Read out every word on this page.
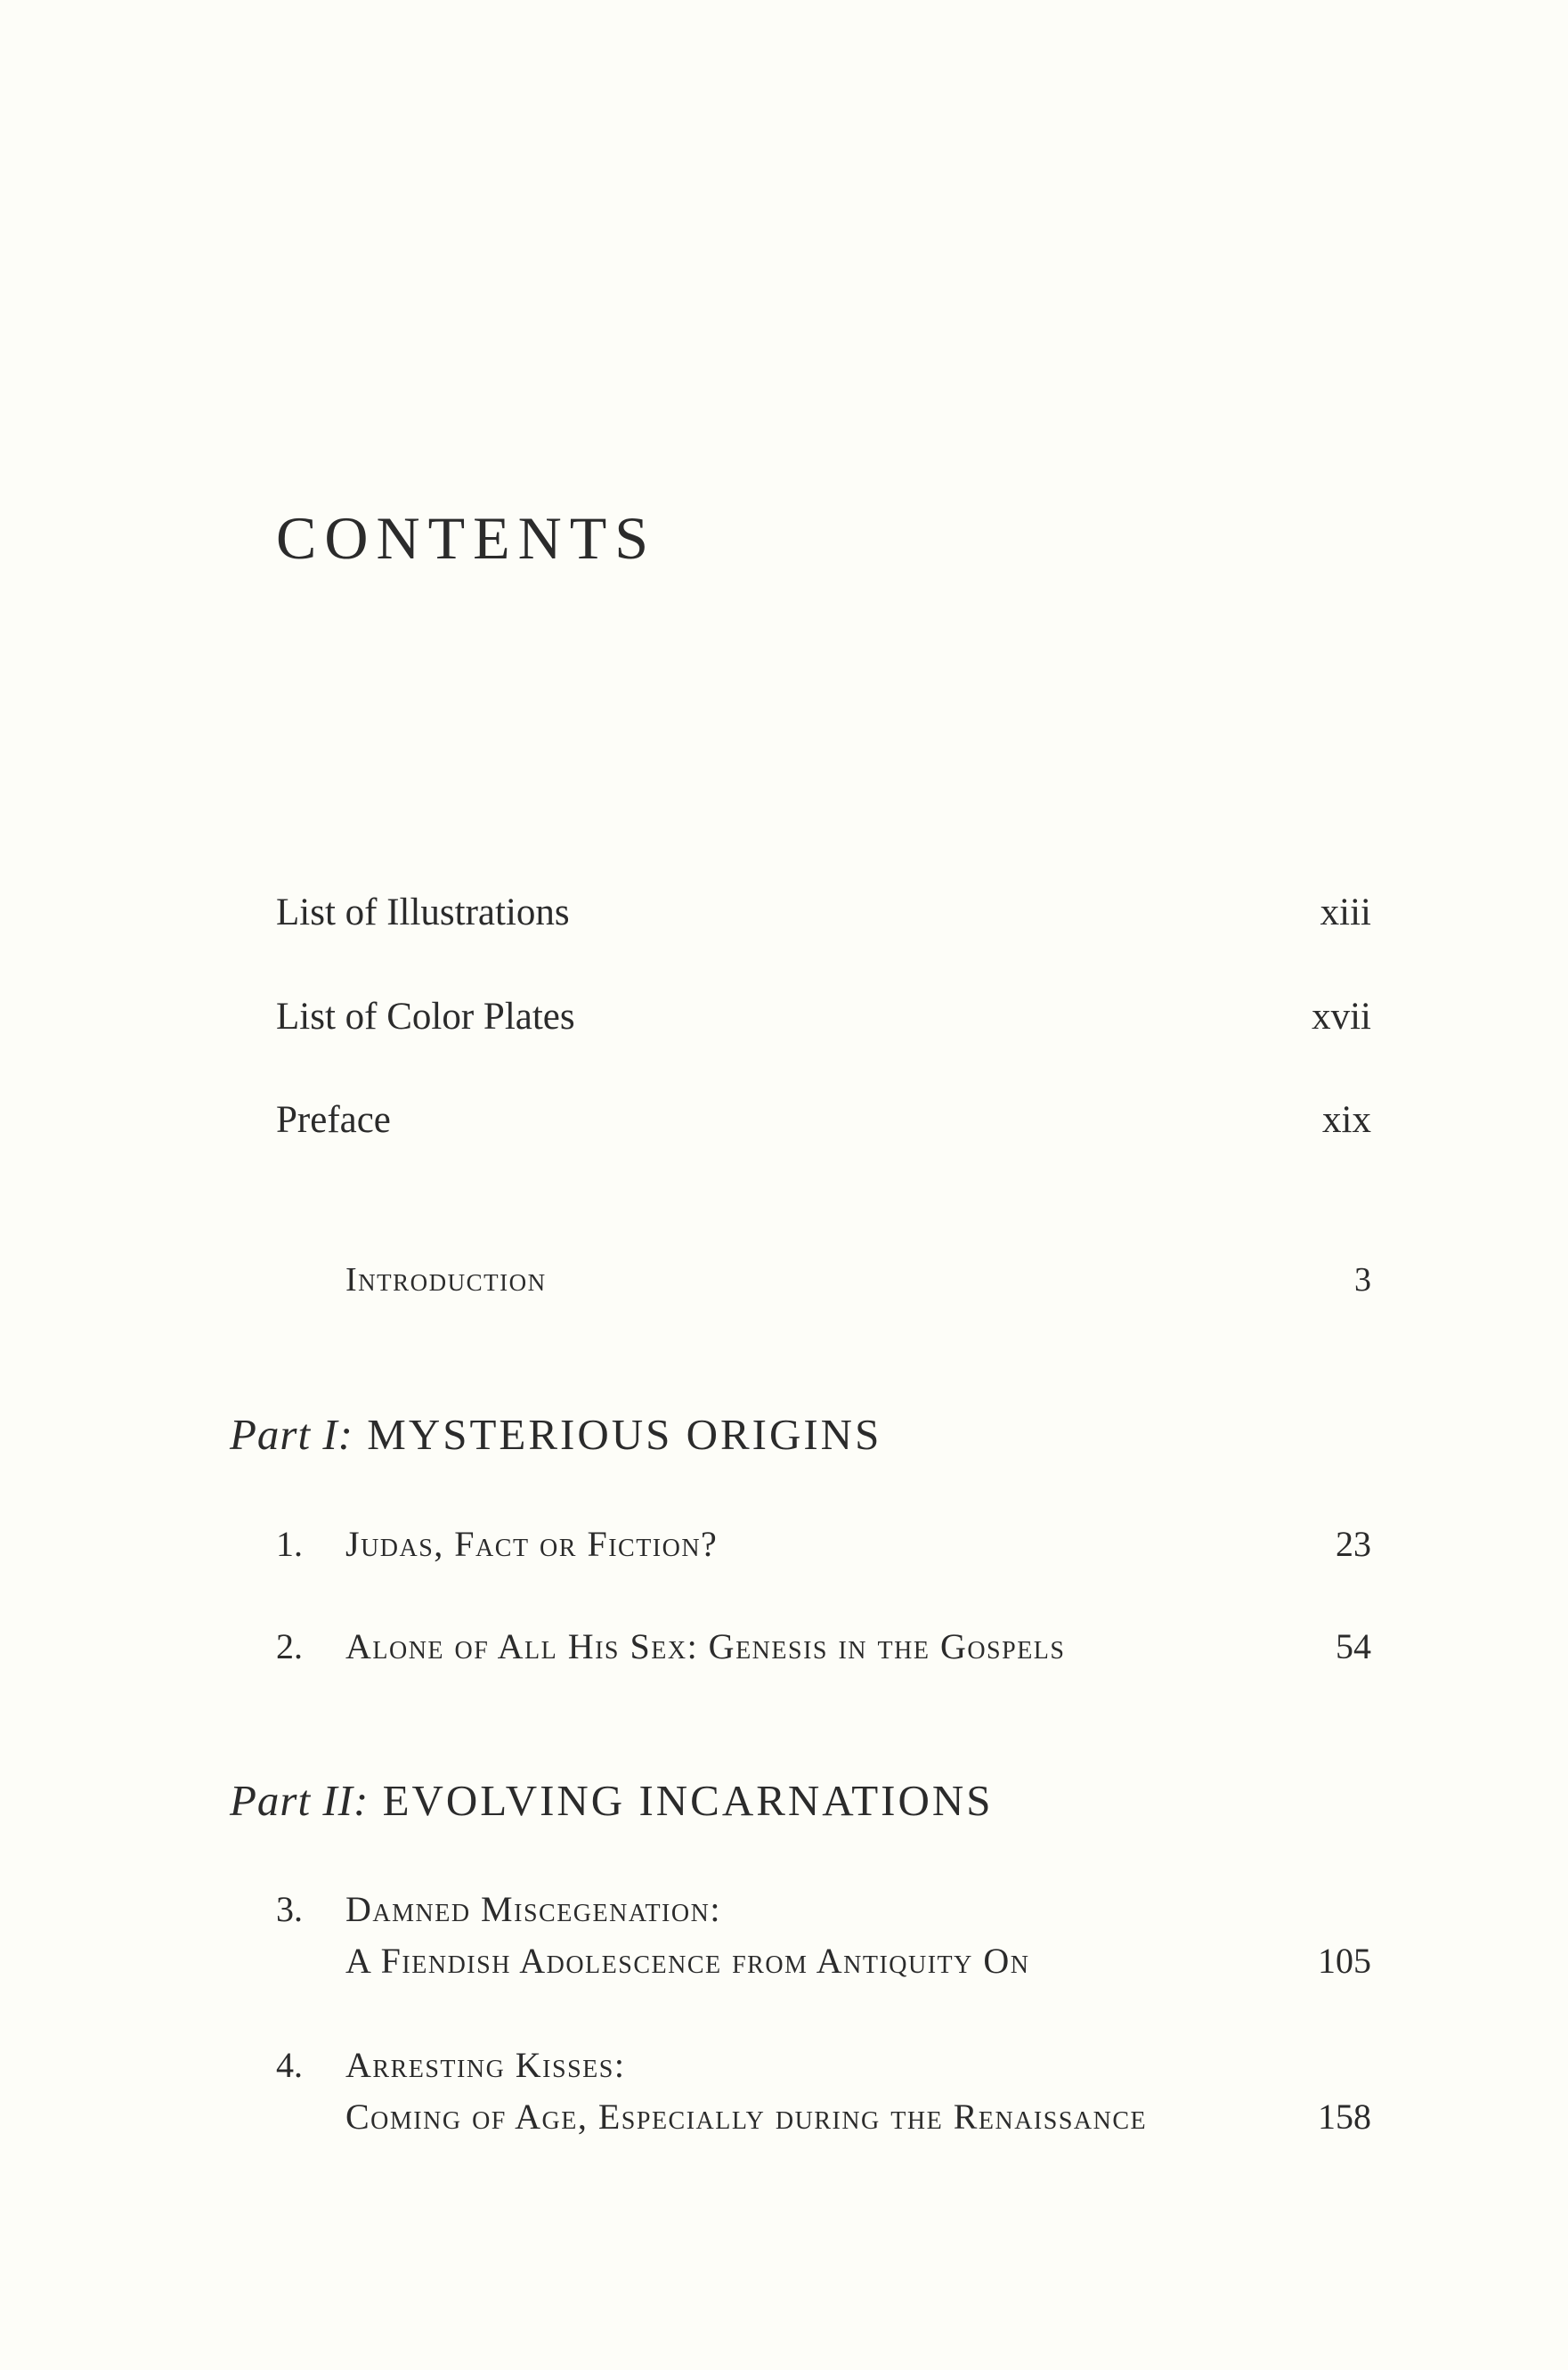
CONTENTS
List of Illustrations	xiii
List of Color Plates	xvii
Preface	xix
Introduction	3
Part I: MYSTERIOUS ORIGINS
1. Judas, Fact or Fiction?	23
2. Alone of All His Sex: Genesis in the Gospels	54
Part II: EVOLVING INCARNATIONS
3. Damned Miscegenation:
A Fiendish Adolescence from Antiquity On	105
4. Arresting Kisses:
Coming of Age, Especially during the Renaissance	158
